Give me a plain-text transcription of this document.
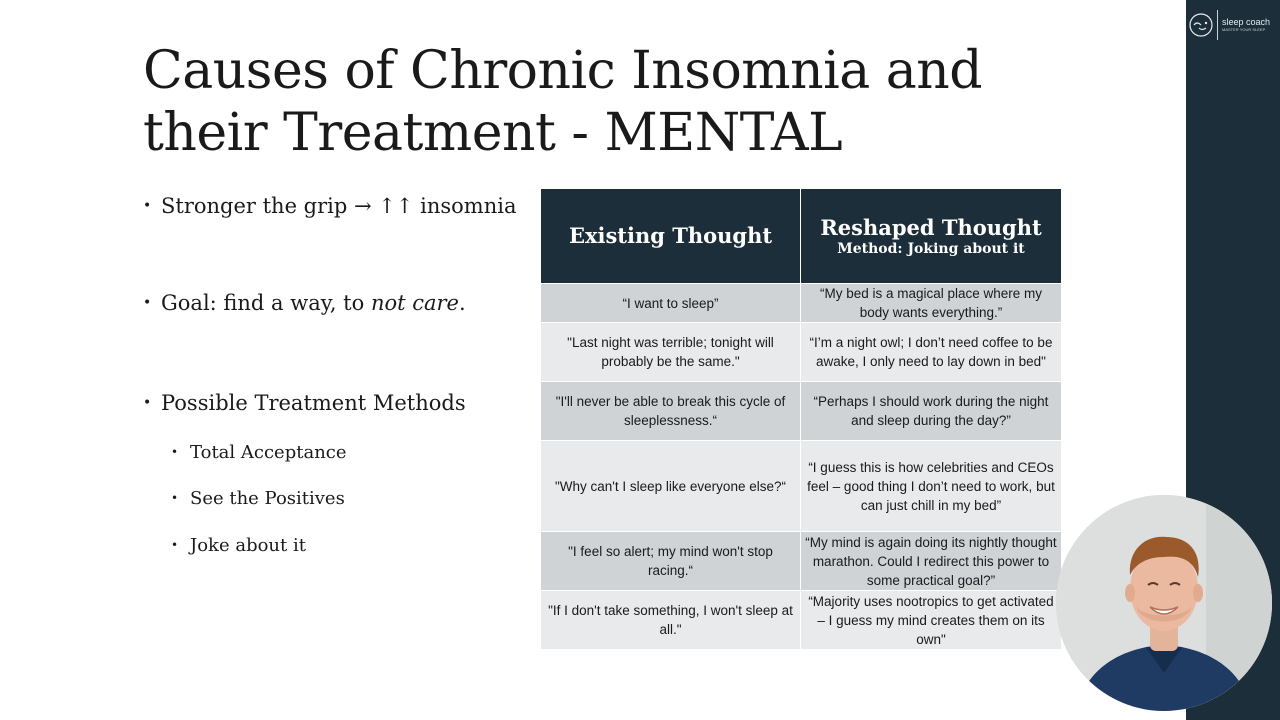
sleep coach
MASTER YOUR SLEEP
Causes of Chronic Insomnia and
their Treatment - MENTAL
• Stronger the grip → ↑↑ insomnia
• Goal: find a way, to not care.
• Possible Treatment Methods
• Total Acceptance
• See the Positives
• Joke about it
Existing Thought	Reshaped Thought
Method: Joking about it

“I want to sleep”	“My bed is a magical place where my body wants everything.”
"Last night was terrible; tonight will probably be the same."	“I’m a night owl; I don’t need coffee to be awake, I only need to lay down in bed"
"I'll never be able to break this cycle of sleeplessness.“	“Perhaps I should work during the night and sleep during the day?”
"Why can't I sleep like everyone else?“	“I guess this is how celebrities and CEOs feel – good thing I don’t need to work, but can just chill in my bed”
"I feel so alert; my mind won't stop racing.“	“My mind is again doing its nightly thought marathon. Could I redirect this power to some practical goal?”
"If I don't take something, I won't sleep at all."	“Majority uses nootropics to get activated – I guess my mind creates them on its own"
